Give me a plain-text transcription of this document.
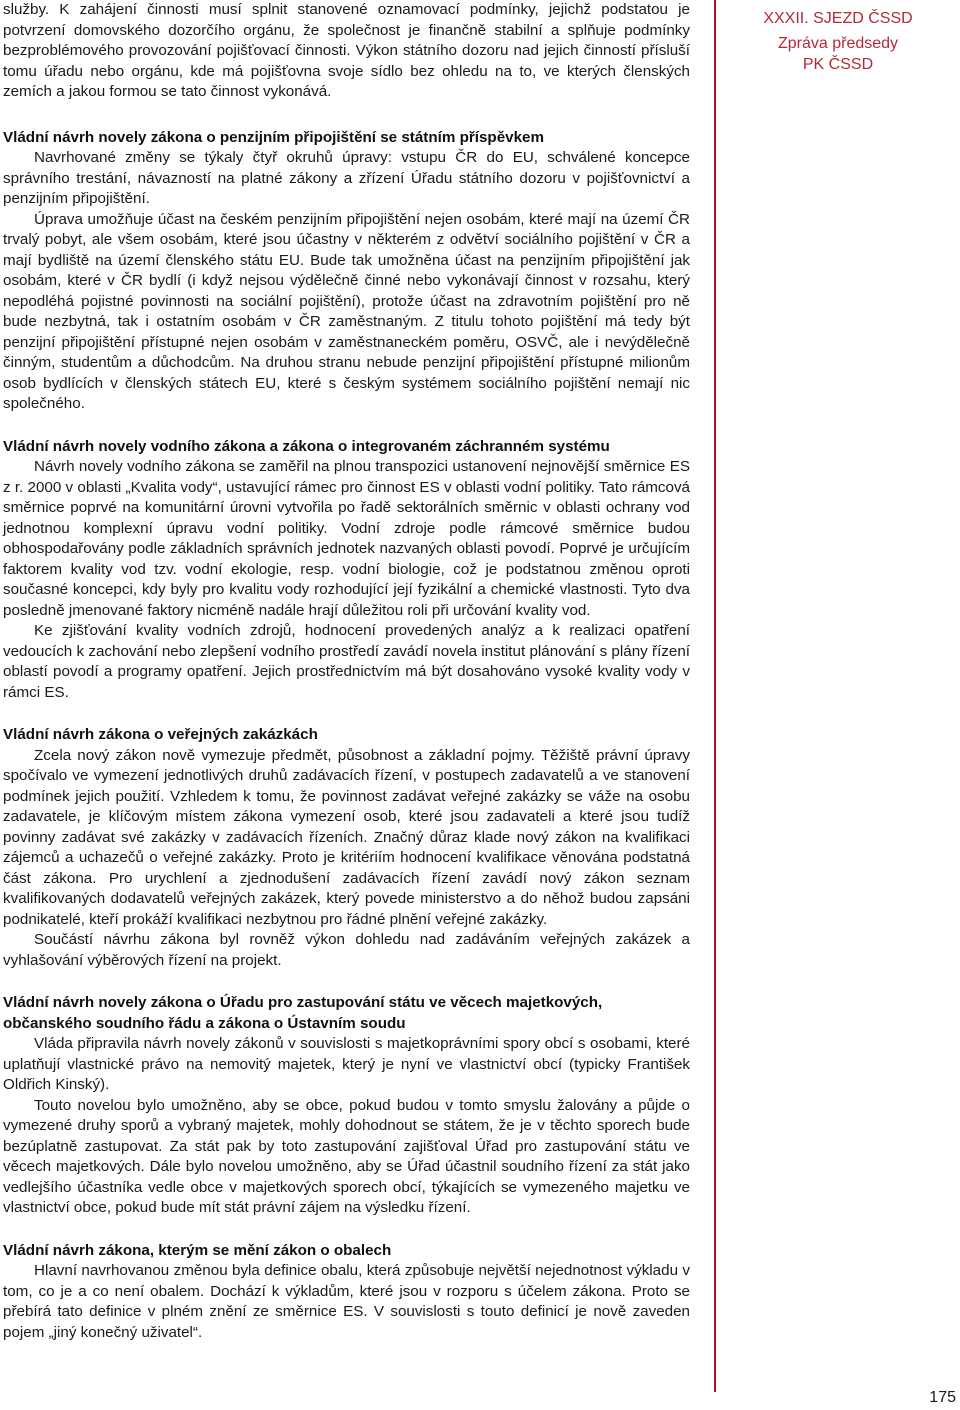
služby. K zahájení činnosti musí splnit stanovené oznamovací podmínky, jejichž podstatou je potvrzení domovského dozorčího orgánu, že společnost je finančně stabilní a splňuje podmínky bezproblémového provozování pojišťovací činnosti. Výkon státního dozoru nad jejich činností přísluší tomu úřadu nebo orgánu, kde má pojišťovna svoje sídlo bez ohledu na to, ve kterých členských zemích a jakou formou se tato činnost vykonává.

Vládní návrh novely zákona o penzijním připojištění se státním příspěvkem

Navrhované změny se týkaly čtyř okruhů úpravy: vstupu ČR do EU, schválené koncepce správního trestání, návazností na platné zákony a zřízení Úřadu státního dozoru v pojišťovnictví a penzijním připojištění.

Úprava umožňuje účast na českém penzijním připojištění nejen osobám, které mají na území ČR trvalý pobyt, ale všem osobám, které jsou účastny v některém z odvětví sociálního pojištění v ČR a mají bydliště na území členského státu EU. Bude tak umožněna účast na penzijním připojištění jak osobám, které v ČR bydlí (i když nejsou výdělečně činné nebo vykonávají činnost v rozsahu, který nepodléhá pojistné povinnosti na sociální pojištění), protože účast na zdravotním pojištění pro ně bude nezbytná, tak i ostatním osobám v ČR zaměstnaným. Z titulu tohoto pojištění má tedy být penzijní připojištění přístupné nejen osobám v zaměstnaneckém poměru, OSVČ, ale i nevýdělečně činným, studentům a důchodcům. Na druhou stranu nebude penzijní připojištění přístupné milionům osob bydlících v členských státech EU, které s českým systémem sociálního pojištění nemají nic společného.

Vládní návrh novely vodního zákona a zákona o integrovaném záchranném systému

Návrh novely vodního zákona se zaměřil na plnou transpozici ustanovení nejnovější směrnice ES z r. 2000 v oblasti „Kvalita vody“, ustavující rámec pro činnost ES v oblasti vodní politiky. Tato rámcová směrnice poprvé na komunitární úrovni vytvořila po řadě sektorálních směrnic v oblasti ochrany vod jednotnou komplexní úpravu vodní politiky. Vodní zdroje podle rámcové směrnice budou obhospodařovány podle základních správních jednotek nazvaných oblasti povodí. Poprvé je určujícím faktorem kvality vod tzv. vodní ekologie, resp. vodní biologie, což je podstatnou změnou oproti současné koncepci, kdy byly pro kvalitu vody rozhodující její fyzikální a chemické vlastnosti. Tyto dva posledně jmenované faktory nicméně nadále hrají důležitou roli při určování kvality vod.

Ke zjišťování kvality vodních zdrojů, hodnocení provedených analýz a k realizaci opatření vedoucích k zachování nebo zlepšení vodního prostředí zavádí novela institut plánování s plány řízení oblastí povodí a programy opatření. Jejich prostřednictvím má být dosahováno vysoké kvality vody v rámci ES.

Vládní návrh zákona o veřejných zakázkách

Zcela nový zákon nově vymezuje předmět, působnost a základní pojmy. Těžiště právní úpravy spočívalo ve vymezení jednotlivých druhů zadávacích řízení, v postupech zadavatelů a ve stanovení podmínek jejich použití. Vzhledem k tomu, že povinnost zadávat veřejné zakázky se váže na osobu zadavatele, je klíčovým místem zákona vymezení osob, které jsou zadavateli a které jsou tudíž povinny zadávat své zakázky v zadávacích řízeních. Značný důraz klade nový zákon na kvalifikaci zájemců a uchazečů o veřejné zakázky. Proto je kritériím hodnocení kvalifikace věnována podstatná část zákona. Pro urychlení a zjednodušení zadávacích řízení zavádí nový zákon seznam kvalifikovaných dodavatelů veřejných zakázek, který povede ministerstvo a do něhož budou zapsáni podnikatelé, kteří prokáží kvalifikaci nezbytnou pro řádné plnění veřejné zakázky.

Součástí návrhu zákona byl rovněž výkon dohledu nad zadáváním veřejných zakázek a vyhlašování výběrových řízení na projekt.

Vládní návrh novely zákona o Úřadu pro zastupování státu ve věcech majetkových, občanského soudního řádu a zákona o Ústavním soudu

Vláda připravila návrh novely zákonů v souvislosti s majetkoprávními spory obcí s osobami, které uplatňují vlastnické právo na nemovitý majetek, který je nyní ve vlastnictví obcí (typicky František Oldřich Kinský).

Touto novelou bylo umožněno, aby se obce, pokud budou v tomto smyslu žalovány a půjde o vymezené druhy sporů a vybraný majetek, mohly dohodnout se státem, že je v těchto sporech bude bezúplatně zastupovat. Za stát pak by toto zastupování zajišťoval Úřad pro zastupování státu ve věcech majetkových. Dále bylo novelou umožněno, aby se Úřad účastnil soudního řízení za stát jako vedlejšího účastníka vedle obce v majetkových sporech obcí, týkajících se vymezeného majetku ve vlastnictví obce, pokud bude mít stát právní zájem na výsledku řízení.

Vládní návrh zákona, kterým se mění zákon o obalech

Hlavní navrhovanou změnou byla definice obalu, která způsobuje největší nejednotnost výkladu v tom, co je a co není obalem. Dochází k výkladům, které jsou v rozporu s účelem zákona. Proto se přebírá tato definice v plném znění ze směrnice ES. V souvislosti s touto definicí je nově zaveden pojem „jiný konečný uživatel“.

XXXII. SJEZD ČSSD
Zpráva předsedy
PK ČSSD
175
